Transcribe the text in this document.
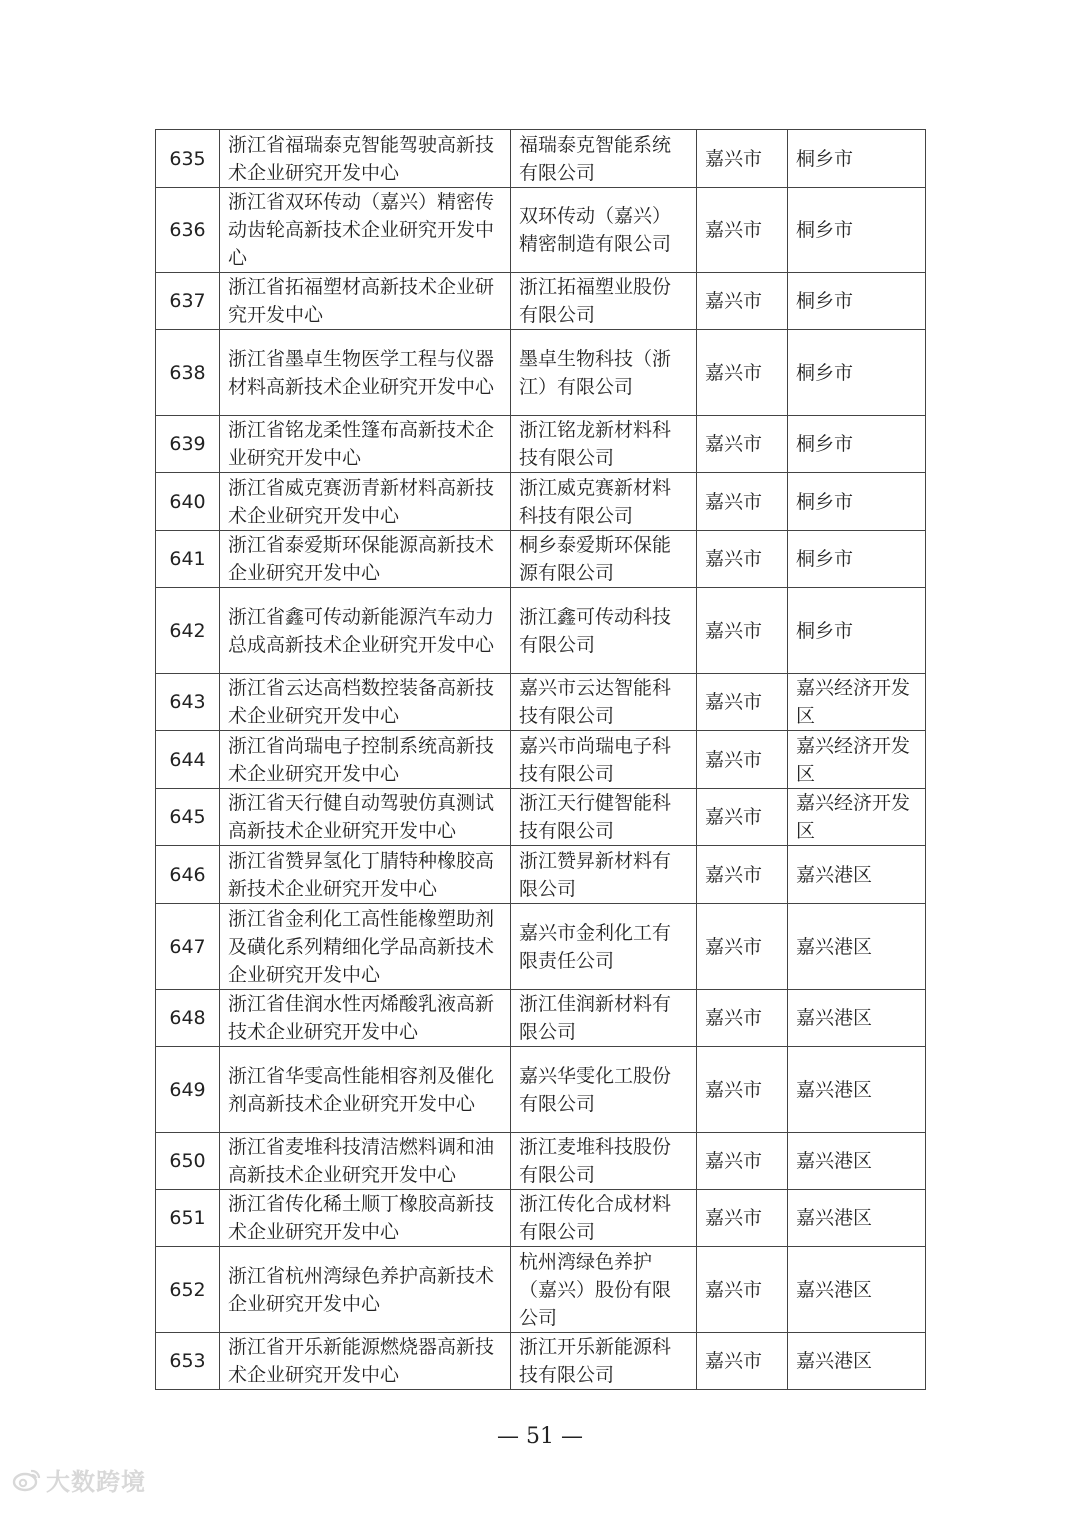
635	浙江省福瑞泰克智能驾驶高新技术企业研究开发中心	福瑞泰克智能系统有限公司	嘉兴市	桐乡市
636	浙江省双环传动（嘉兴）精密传动齿轮高新技术企业研究开发中心	双环传动（嘉兴）精密制造有限公司	嘉兴市	桐乡市
637	浙江省拓福塑材高新技术企业研究开发中心	浙江拓福塑业股份有限公司	嘉兴市	桐乡市
638	浙江省墨卓生物医学工程与仪器材料高新技术企业研究开发中心	墨卓生物科技（浙江）有限公司	嘉兴市	桐乡市
639	浙江省铭龙柔性篷布高新技术企业研究开发中心	浙江铭龙新材料科技有限公司	嘉兴市	桐乡市
640	浙江省威克赛沥青新材料高新技术企业研究开发中心	浙江威克赛新材料科技有限公司	嘉兴市	桐乡市
641	浙江省泰爱斯环保能源高新技术企业研究开发中心	桐乡泰爱斯环保能源有限公司	嘉兴市	桐乡市
642	浙江省鑫可传动新能源汽车动力总成高新技术企业研究开发中心	浙江鑫可传动科技有限公司	嘉兴市	桐乡市
643	浙江省云达高档数控装备高新技术企业研究开发中心	嘉兴市云达智能科技有限公司	嘉兴市	嘉兴经济开发区
644	浙江省尚瑞电子控制系统高新技术企业研究开发中心	嘉兴市尚瑞电子科技有限公司	嘉兴市	嘉兴经济开发区
645	浙江省天行健自动驾驶仿真测试高新技术企业研究开发中心	浙江天行健智能科技有限公司	嘉兴市	嘉兴经济开发区
646	浙江省赞昇氢化丁腈特种橡胶高新技术企业研究开发中心	浙江赞昇新材料有限公司	嘉兴市	嘉兴港区
647	浙江省金利化工高性能橡塑助剂及磺化系列精细化学品高新技术企业研究开发中心	嘉兴市金利化工有限责任公司	嘉兴市	嘉兴港区
648	浙江省佳润水性丙烯酸乳液高新技术企业研究开发中心	浙江佳润新材料有限公司	嘉兴市	嘉兴港区
649	浙江省华雯高性能相容剂及催化剂高新技术企业研究开发中心	嘉兴华雯化工股份有限公司	嘉兴市	嘉兴港区
650	浙江省麦堆科技清洁燃料调和油高新技术企业研究开发中心	浙江麦堆科技股份有限公司	嘉兴市	嘉兴港区
651	浙江省传化稀土顺丁橡胶高新技术企业研究开发中心	浙江传化合成材料有限公司	嘉兴市	嘉兴港区
652	浙江省杭州湾绿色养护高新技术企业研究开发中心	杭州湾绿色养护（嘉兴）股份有限公司	嘉兴市	嘉兴港区
653	浙江省开乐新能源燃烧器高新技术企业研究开发中心	浙江开乐新能源科技有限公司	嘉兴市	嘉兴港区
— 51 —
大数跨境
